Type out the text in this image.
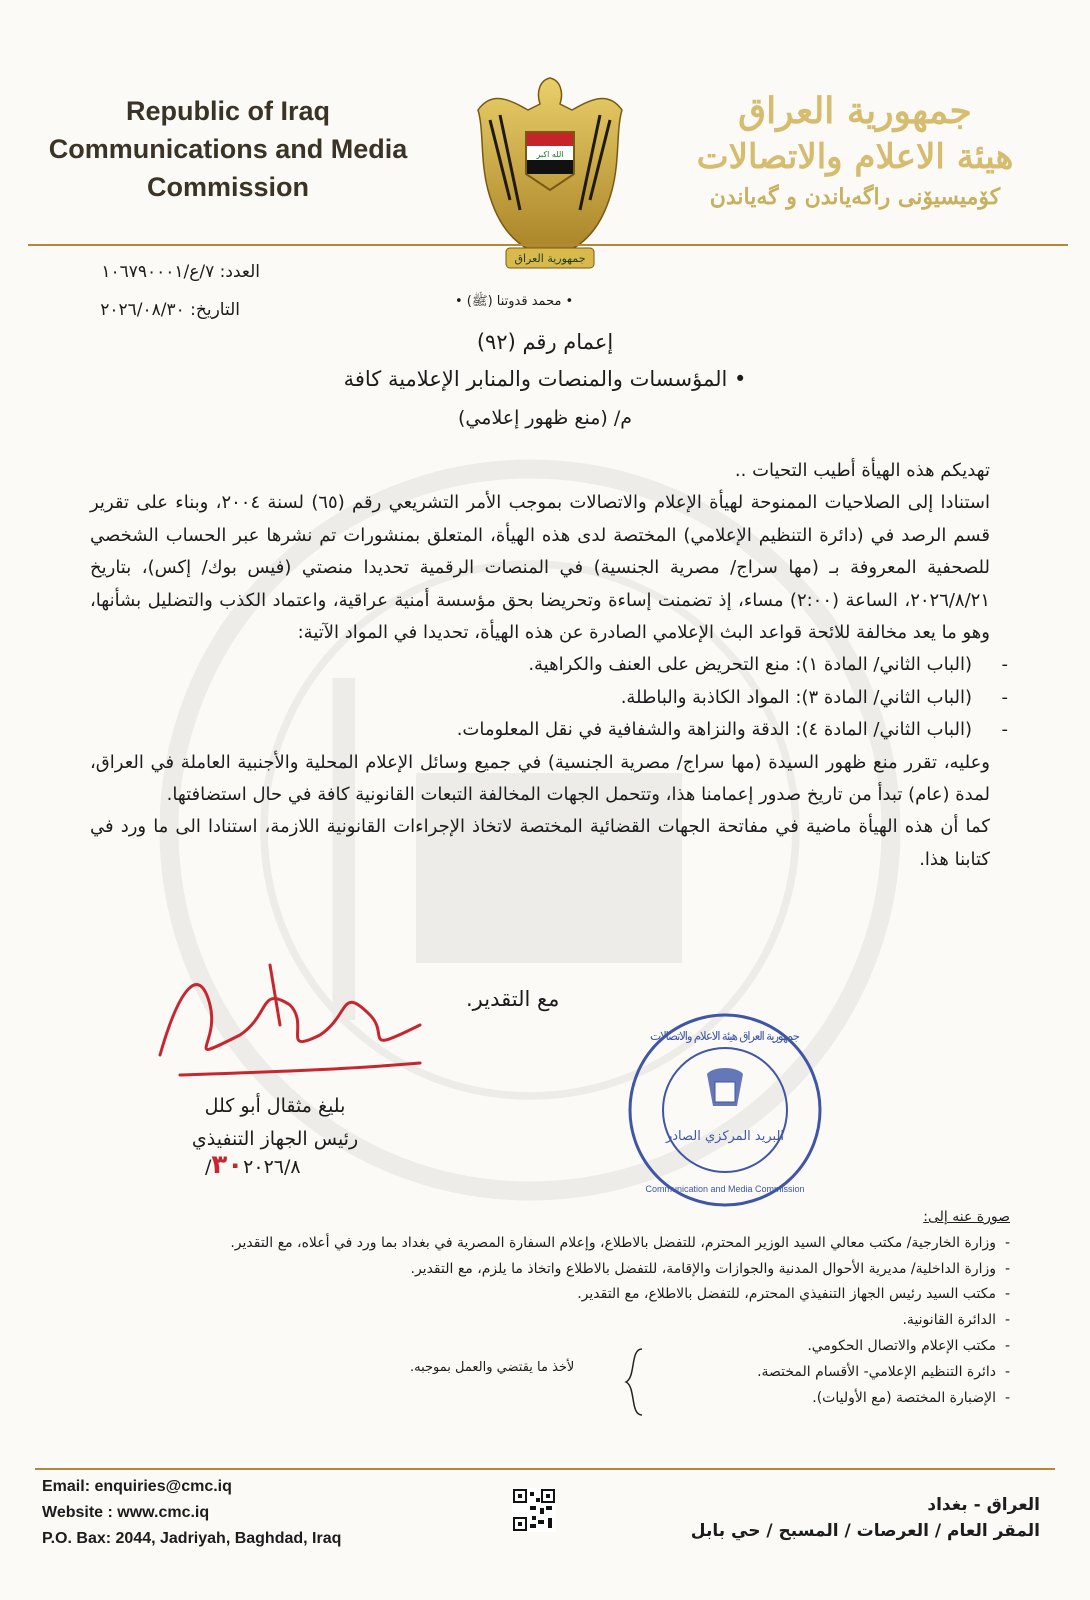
Republic of Iraq
Communications and Media
Commission
الله اكبر
جمهورية العراق
جمهورية العراق
هيئة الاعلام والاتصالات
كۆمیسیۆنی راگەیاندن و گەیاندن
العدد: ٧/ع/١٠٦٧٩٠٠٠١
التاريخ: ٢٠٢٦/٠٨/٣٠	• محمد قدوتنا (ﷺ) •
إعمام رقم (٩٢)
• المؤسسات والمنصات والمنابر الإعلامية كافة
م/ (منع ظهور إعلامي)

تهديكم هذه الهيأة أطيب التحيات ..

استنادا إلى الصلاحيات الممنوحة لهيأة الإعلام والاتصالات بموجب الأمر التشريعي رقم (٦٥) لسنة ٢٠٠٤، وبناء على تقرير قسم الرصد في (دائرة التنظيم الإعلامي) المختصة لدى هذه الهيأة، المتعلق بمنشورات تم نشرها عبر الحساب الشخصي للصحفية المعروفة بـ (مها سراج/ مصرية الجنسية) في المنصات الرقمية تحديدا منصتي (فيس بوك/ إكس)، بتاريخ ٢٠٢٦/٨/٢١، الساعة (٢:٠٠) مساء، إذ تضمنت إساءة وتحريضا بحق مؤسسة أمنية عراقية، واعتماد الكذب والتضليل بشأنها، وهو ما يعد مخالفة للائحة قواعد البث الإعلامي الصادرة عن هذه الهيأة، تحديدا في المواد الآتية:

- (الباب الثاني/ المادة ١): منع التحريض على العنف والكراهية.
- (الباب الثاني/ المادة ٣): المواد الكاذبة والباطلة.
- (الباب الثاني/ المادة ٤): الدقة والنزاهة والشفافية في نقل المعلومات.

وعليه، تقرر منع ظهور السيدة (مها سراج/ مصرية الجنسية) في جميع وسائل الإعلام المحلية والأجنبية العاملة في العراق، لمدة (عام) تبدأ من تاريخ صدور إعمامنا هذا، وتتحمل الجهات المخالفة التبعات القانونية كافة في حال استضافتها.

كما أن هذه الهيأة ماضية في مفاتحة الجهات القضائية المختصة لاتخاذ الإجراءات القانونية اللازمة، استنادا الى ما ورد في كتابنا هذا.

مع التقدير.
بليغ مثقال أبو كلل
رئيس الجهاز التنفيذي
٣٠٢٠٢٦/٨/
جمهورية العراق هيئة الاعلام والاتصالات
البريد المركزي الصادر
Communication and Media Commission
صورة عنه إلى:
- وزارة الخارجية/ مكتب معالي السيد الوزير المحترم، للتفضل بالاطلاع، وإعلام السفارة المصرية في بغداد بما ورد في أعلاه، مع التقدير.
- وزارة الداخلية/ مديرية الأحوال المدنية والجوازات والإقامة، للتفضل بالاطلاع واتخاذ ما يلزم، مع التقدير.
- مكتب السيد رئيس الجهاز التنفيذي المحترم، للتفضل بالاطلاع، مع التقدير.
- الدائرة القانونية.
- مكتب الإعلام والاتصال الحكومي.
- دائرة التنظيم الإعلامي- الأقسام المختصة.
- الإضبارة المختصة (مع الأوليات).
لأخذ ما يقتضي والعمل بموجبه.
Email: enquiries@cmc.iq
Website : www.cmc.iq
P.O. Bax: 2044, Jadriyah, Baghdad, Iraq
العراق - بغداد
المقر العام / العرصات / المسبح / حي بابل
